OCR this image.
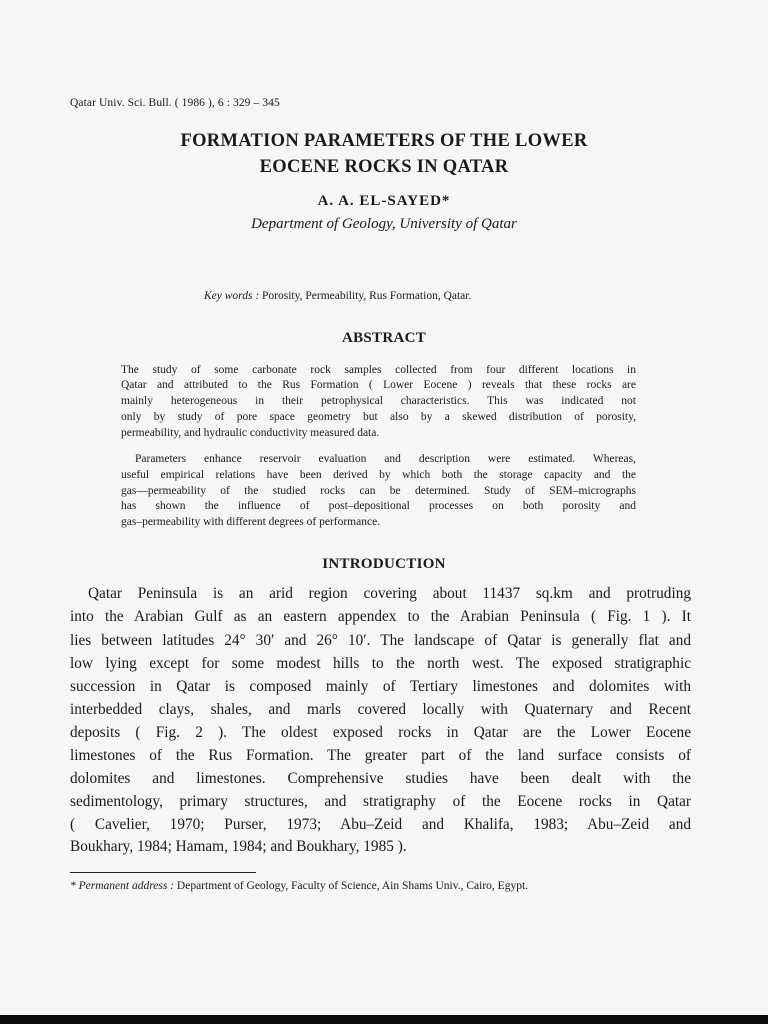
Qatar Univ. Sci. Bull. ( 1986 ), 6 : 329 – 345
FORMATION PARAMETERS OF THE LOWER
EOCENE ROCKS IN QATAR
A. A. EL-SAYED*
Department of Geology, University of Qatar
Key words : Porosity, Permeability, Rus Formation, Qatar.
ABSTRACT
The study of some carbonate rock samples collected from four different locations in
Qatar and attributed to the Rus Formation ( Lower Eocene ) reveals that these rocks are
mainly heterogeneous in their petrophysical characteristics. This was indicated not
only by study of pore space geometry but also by a skewed distribution of porosity,
permeability, and hydraulic conductivity measured data.
Parameters enhance reservoir evaluation and description were estimated. Whereas,
useful empirical relations have been derived by which both the storage capacity and the
gas—permeability of the studied rocks can be determined. Study of SEM–micrographs
has shown the influence of post–depositional processes on both porosity and
gas–permeability with different degrees of performance.
INTRODUCTION
Qatar Peninsula is an arid region covering about 11437 sq.km and protruding
into the Arabian Gulf as an eastern appendex to the Arabian Peninsula ( Fig. 1 ). It
lies between latitudes 24° 30′ and 26° 10′. The landscape of Qatar is generally flat and
low lying except for some modest hills to the north west. The exposed stratigraphic
succession in Qatar is composed mainly of Tertiary limestones and dolomites with
interbedded clays, shales, and marls covered locally with Quaternary and Recent
deposits ( Fig. 2 ). The oldest exposed rocks in Qatar are the Lower Eocene
limestones of the Rus Formation. The greater part of the land surface consists of
dolomites and limestones. Comprehensive studies have been dealt with the
sedimentology, primary structures, and stratigraphy of the Eocene rocks in Qatar
( Cavelier, 1970; Purser, 1973; Abu–Zeid and Khalifa, 1983; Abu–Zeid and
Boukhary, 1984; Hamam, 1984; and Boukhary, 1985 ).
* Permanent address : Department of Geology, Faculty of Science, Ain Shams Univ., Cairo, Egypt.
